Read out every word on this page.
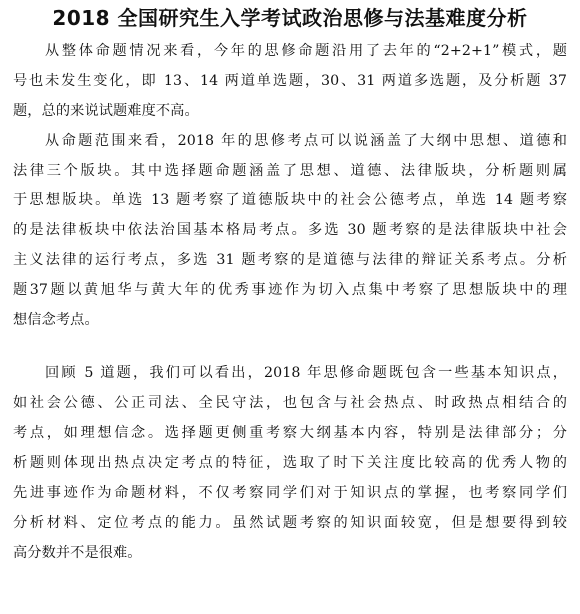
2018 全国研究生入学考试政治思修与法基难度分析
从整体命题情况来看，今年的思修命题沿用了去年的“2+2+1”模式，题
号也未发生变化，即 13、14 两道单选题，30、31 两道多选题，及分析题 37
题，总的来说试题难度不高。
从命题范围来看，2018 年的思修考点可以说涵盖了大纲中思想、道德和
法律三个版块。其中选择题命题涵盖了思想、道德、法律版块，分析题则属
于思想版块。单选 13 题考察了道德版块中的社会公德考点，单选 14 题考察
的是法律板块中依法治国基本格局考点。多选 30 题考察的是法律版块中社会
主义法律的运行考点，多选 31 题考察的是道德与法律的辩证关系考点。分析
题37题以黄旭华与黄大年的优秀事迹作为切入点集中考察了思想版块中的理
想信念考点。
回顾 5 道题，我们可以看出，2018 年思修命题既包含一些基本知识点，
如社会公德、公正司法、全民守法，也包含与社会热点、时政热点相结合的
考点，如理想信念。选择题更侧重考察大纲基本内容，特别是法律部分；分
析题则体现出热点决定考点的特征，选取了时下关注度比较高的优秀人物的
先进事迹作为命题材料，不仅考察同学们对于知识点的掌握，也考察同学们
分析材料、定位考点的能力。虽然试题考察的知识面较宽，但是想要得到较
高分数并不是很难。
